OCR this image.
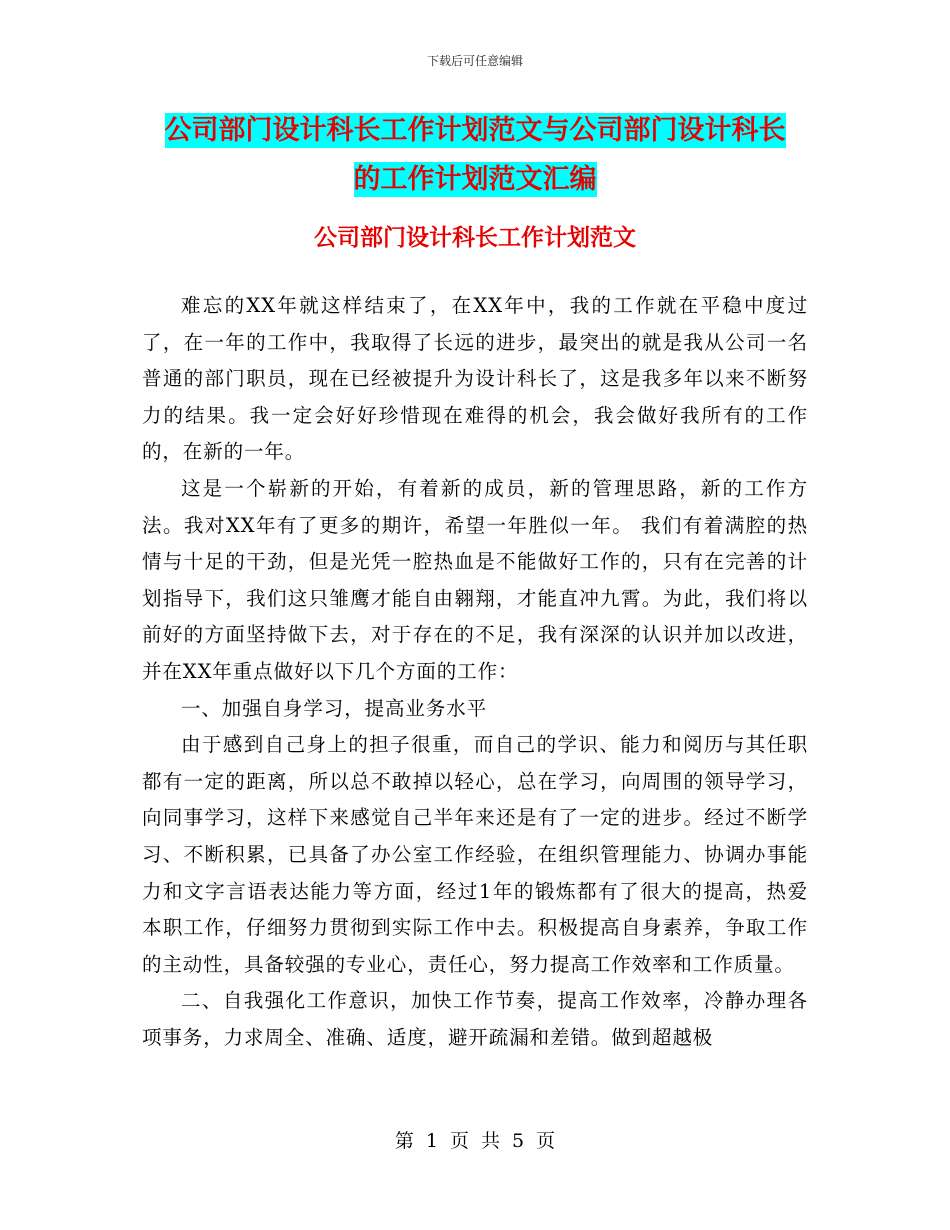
下载后可任意编辑
公司部门设计科长工作计划范文与公司部门设计科长
的工作计划范文汇编
公司部门设计科长工作计划范文

难忘的XX年就这样结束了，在XX年中，我的工作就在平稳中度过了，在一年的工作中，我取得了长远的进步，最突出的就是我从公司一名普通的部门职员，现在已经被提升为设计科长了，这是我多年以来不断努力的结果。我一定会好好珍惜现在难得的机会，我会做好我所有的工作的，在新的一年。

这是一个崭新的开始，有着新的成员，新的管理思路，新的工作方法。我对XX年有了更多的期许，希望一年胜似一年。 我们有着满腔的热情与十足的干劲，但是光凭一腔热血是不能做好工作的，只有在完善的计划指导下，我们这只雏鹰才能自由翱翔，才能直冲九霄。为此，我们将以前好的方面坚持做下去，对于存在的不足，我有深深的认识并加以改进，并在XX年重点做好以下几个方面的工作：

一、加强自身学习，提高业务水平

由于感到自己身上的担子很重，而自己的学识、能力和阅历与其任职都有一定的距离，所以总不敢掉以轻心，总在学习，向周围的领导学习，向同事学习，这样下来感觉自己半年来还是有了一定的进步。经过不断学习、不断积累，已具备了办公室工作经验，在组织管理能力、协调办事能力和文字言语表达能力等方面，经过1年的锻炼都有了很大的提高，热爱本职工作，仔细努力贯彻到实际工作中去。积极提高自身素养，争取工作的主动性，具备较强的专业心，责任心，努力提高工作效率和工作质量。

二、自我强化工作意识，加快工作节奏，提高工作效率，冷静办理各项事务，力求周全、准确、适度，避开疏漏和差错。做到超越极

第 1 页 共 5 页
